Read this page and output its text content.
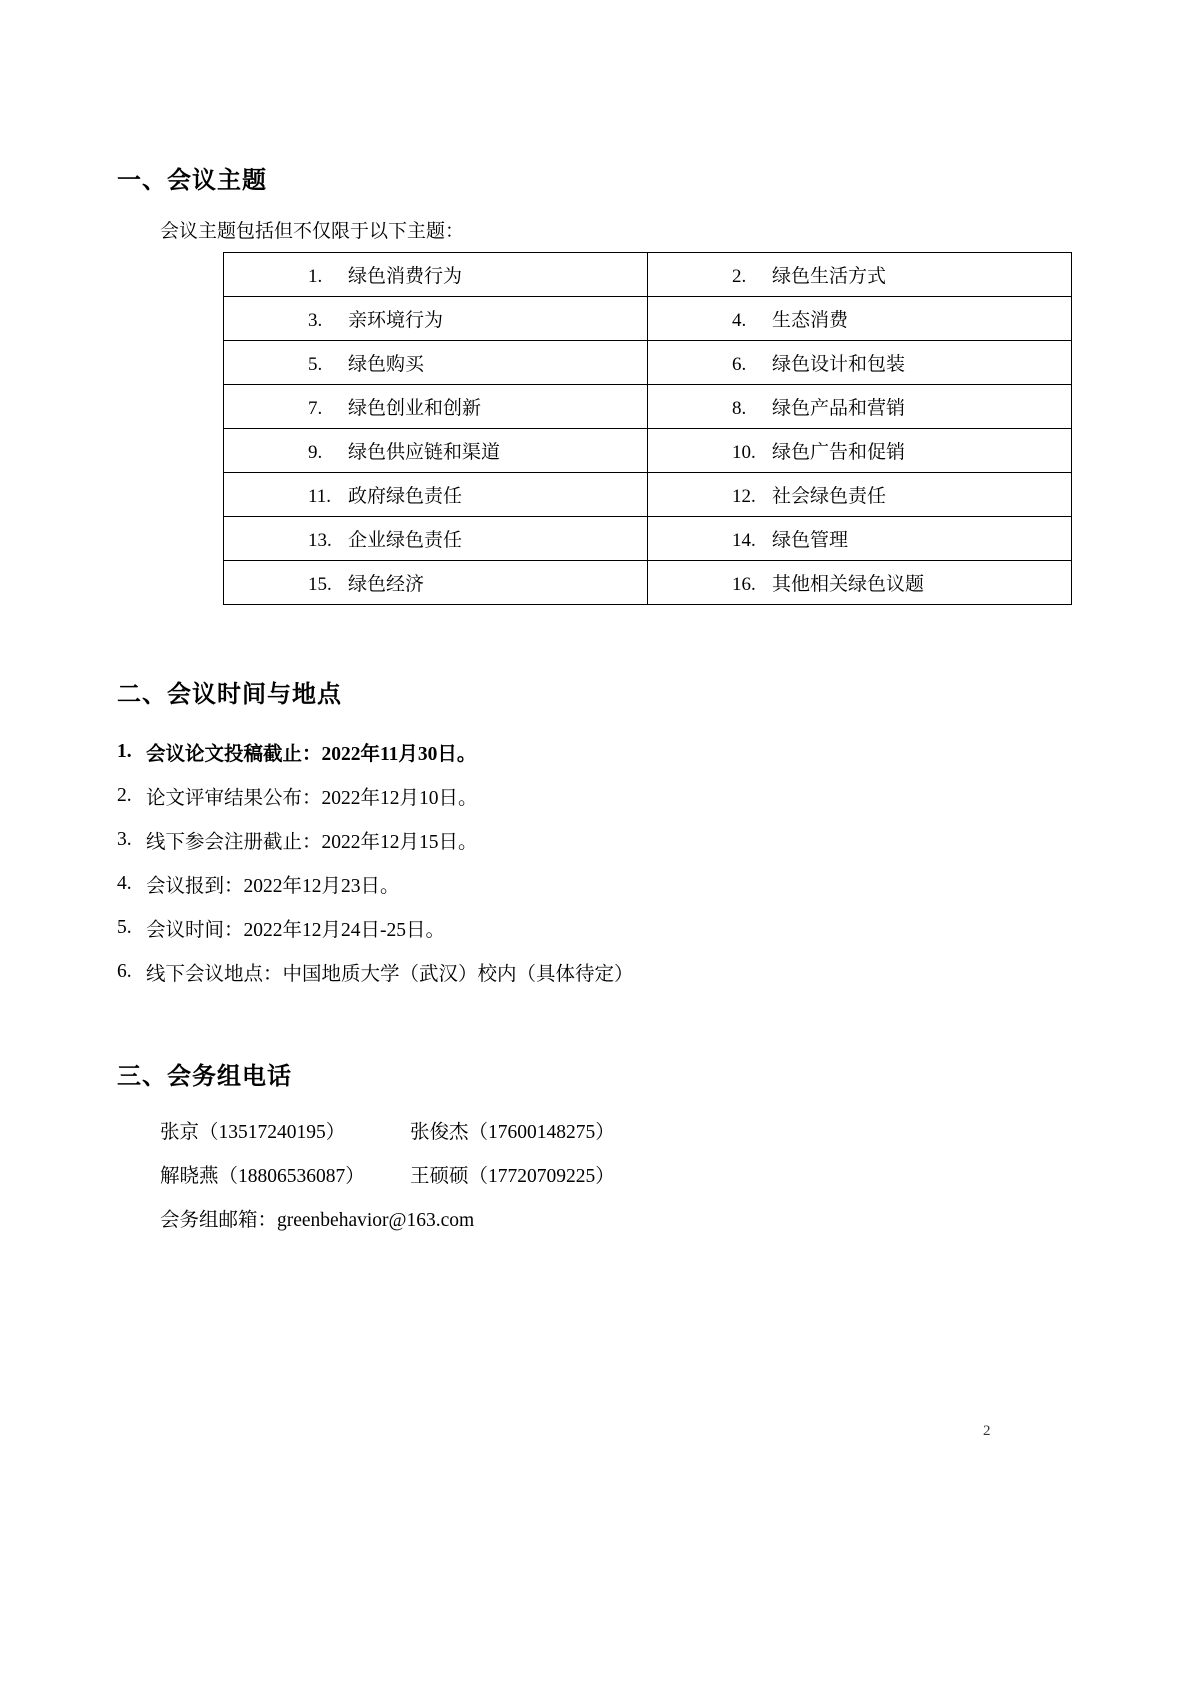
一、会议主题
会议主题包括但不仅限于以下主题：
1. 绿色消费行为	2. 绿色生活方式
3. 亲环境行为	4. 生态消费
5. 绿色购买	6. 绿色设计和包装
7. 绿色创业和创新	8. 绿色产品和营销
9. 绿色供应链和渠道	10. 绿色广告和促销
11. 政府绿色责任	12. 社会绿色责任
13. 企业绿色责任	14. 绿色管理
15. 绿色经济	16. 其他相关绿色议题
二、会议时间与地点
1. 会议论文投稿截止：2022年11月30日。
2. 论文评审结果公布：2022年12月10日。
3. 线下参会注册截止：2022年12月15日。
4. 会议报到：2022年12月23日。
5. 会议时间：2022年12月24日-25日。
6. 线下会议地点：中国地质大学（武汉）校内（具体待定）
三、会务组电话
张京（13517240195）	张俊杰（17600148275）
解晓燕（18806536087）	王硕硕（17720709225）
会务组邮箱：greenbehavior@163.com
2
